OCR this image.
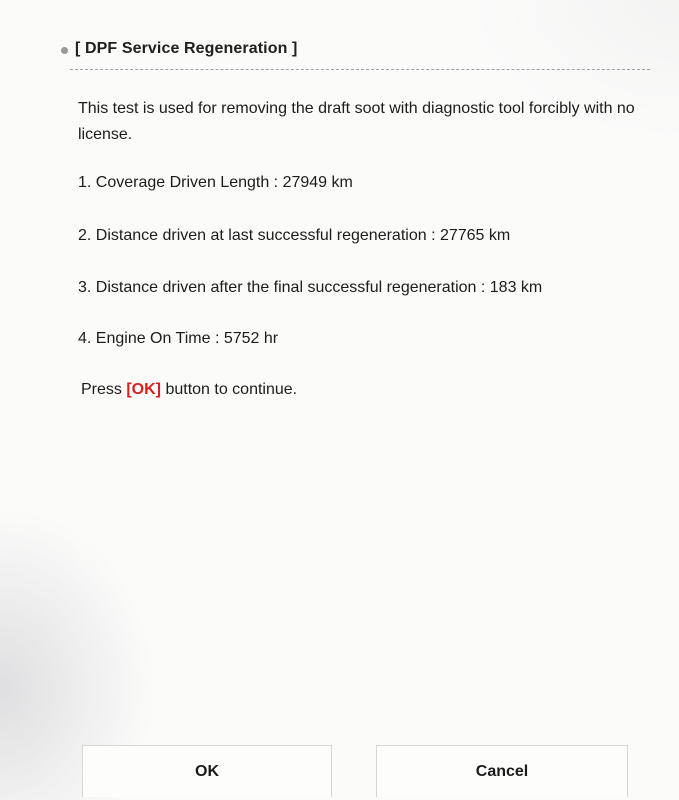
[ DPF Service Regeneration ]
This test is used for removing the draft soot with diagnostic tool forcibly with no license.
1. Coverage Driven Length : 27949 km
2. Distance driven at last successful regeneration : 27765 km
3. Distance driven after the final successful regeneration : 183 km
4. Engine On Time : 5752 hr
Press [OK] button to continue.
OK	Cancel
